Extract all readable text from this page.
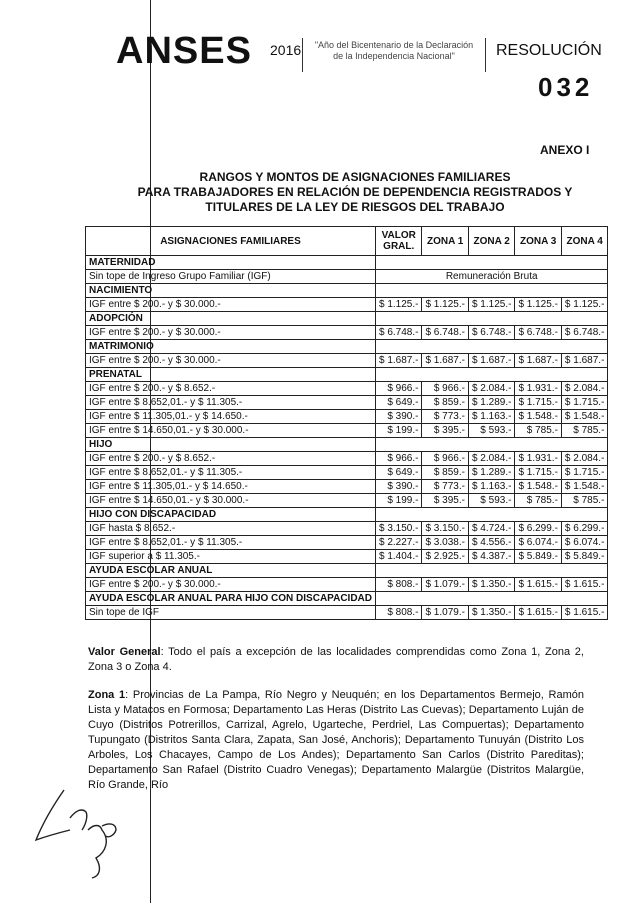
ANSES 2016	"Año del Bicentenario de la Declaración de la Independencia Nacional"	RESOLUCIÓN
032
ANEXO I
RANGOS Y MONTOS DE ASIGNACIONES FAMILIARES
PARA TRABAJADORES EN RELACIÓN DE DEPENDENCIA REGISTRADOS Y
TITULARES DE LA LEY DE RIESGOS DEL TRABAJO
ASIGNACIONES FAMILIARES	VALOR GRAL.	ZONA 1	ZONA 2	ZONA 3	ZONA 4
MATERNIDAD					
Sin tope de Ingreso Grupo Familiar (IGF)	Remuneración Bruta				
NACIMIENTO					
IGF entre $ 200.- y $ 30.000.-	$ 1.125.-	$ 1.125.-	$ 1.125.-	$ 1.125.-	$ 1.125.-
ADOPCIÓN					
IGF entre $ 200.- y $ 30.000.-	$ 6.748.-	$ 6.748.-	$ 6.748.-	$ 6.748.-	$ 6.748.-
MATRIMONIO					
IGF entre $ 200.- y $ 30.000.-	$ 1.687.-	$ 1.687.-	$ 1.687.-	$ 1.687.-	$ 1.687.-
PRENATAL					
IGF entre $ 200.- y $ 8.652.-	$ 966.-	$ 966.-	$ 2.084.-	$ 1.931.-	$ 2.084.-
IGF entre $ 8.652,01.- y $ 11.305.-	$ 649.-	$ 859.-	$ 1.289.-	$ 1.715.-	$ 1.715.-
IGF entre $ 11.305,01.- y $ 14.650.-	$ 390.-	$ 773.-	$ 1.163.-	$ 1.548.-	$ 1.548.-
IGF entre $ 14.650,01.- y $ 30.000.-	$ 199.-	$ 395.-	$ 593.-	$ 785.-	$ 785.-
HIJO					
IGF entre $ 200.- y $ 8.652.-	$ 966.-	$ 966.-	$ 2.084.-	$ 1.931.-	$ 2.084.-
IGF entre $ 8.652,01.- y $ 11.305.-	$ 649.-	$ 859.-	$ 1.289.-	$ 1.715.-	$ 1.715.-
IGF entre $ 11.305,01.- y $ 14.650.-	$ 390.-	$ 773.-	$ 1.163.-	$ 1.548.-	$ 1.548.-
IGF entre $ 14.650,01.- y $ 30.000.-	$ 199.-	$ 395.-	$ 593.-	$ 785.-	$ 785.-
HIJO CON DISCAPACIDAD					
IGF hasta $ 8.652.-	$ 3.150.-	$ 3.150.-	$ 4.724.-	$ 6.299.-	$ 6.299.-
IGF entre $ 8.652,01.- y $ 11.305.-	$ 2.227.-	$ 3.038.-	$ 4.556.-	$ 6.074.-	$ 6.074.-
IGF superior a $ 11.305.-	$ 1.404.-	$ 2.925.-	$ 4.387.-	$ 5.849.-	$ 5.849.-
AYUDA ESCOLAR ANUAL					
IGF entre $ 200.- y $ 30.000.-	$ 808.-	$ 1.079.-	$ 1.350.-	$ 1.615.-	$ 1.615.-
AYUDA ESCOLAR ANUAL PARA HIJO CON DISCAPACIDAD					
Sin tope de IGF	$ 808.-	$ 1.079.-	$ 1.350.-	$ 1.615.-	$ 1.615.-
Valor General: Todo el país a excepción de las localidades comprendidas como Zona 1, Zona 2, Zona 3 o Zona 4.
Zona 1: Provincias de La Pampa, Río Negro y Neuquén; en los Departamentos Bermejo, Ramón Lista y Matacos en Formosa; Departamento Las Heras (Distrito Las Cuevas); Departamento Luján de Cuyo (Distritos Potrerillos, Carrizal, Agrelo, Ugarteche, Perdriel, Las Compuertas); Departamento Tupungato (Distritos Santa Clara, Zapata, San José, Anchoris); Departamento Tunuyán (Distrito Los Arboles, Los Chacayes, Campo de Los Andes); Departamento San Carlos (Distrito Pareditas); Departamento San Rafael (Distrito Cuadro Venegas); Departamento Malargüe (Distritos Malargüe, Río Grande, Río
